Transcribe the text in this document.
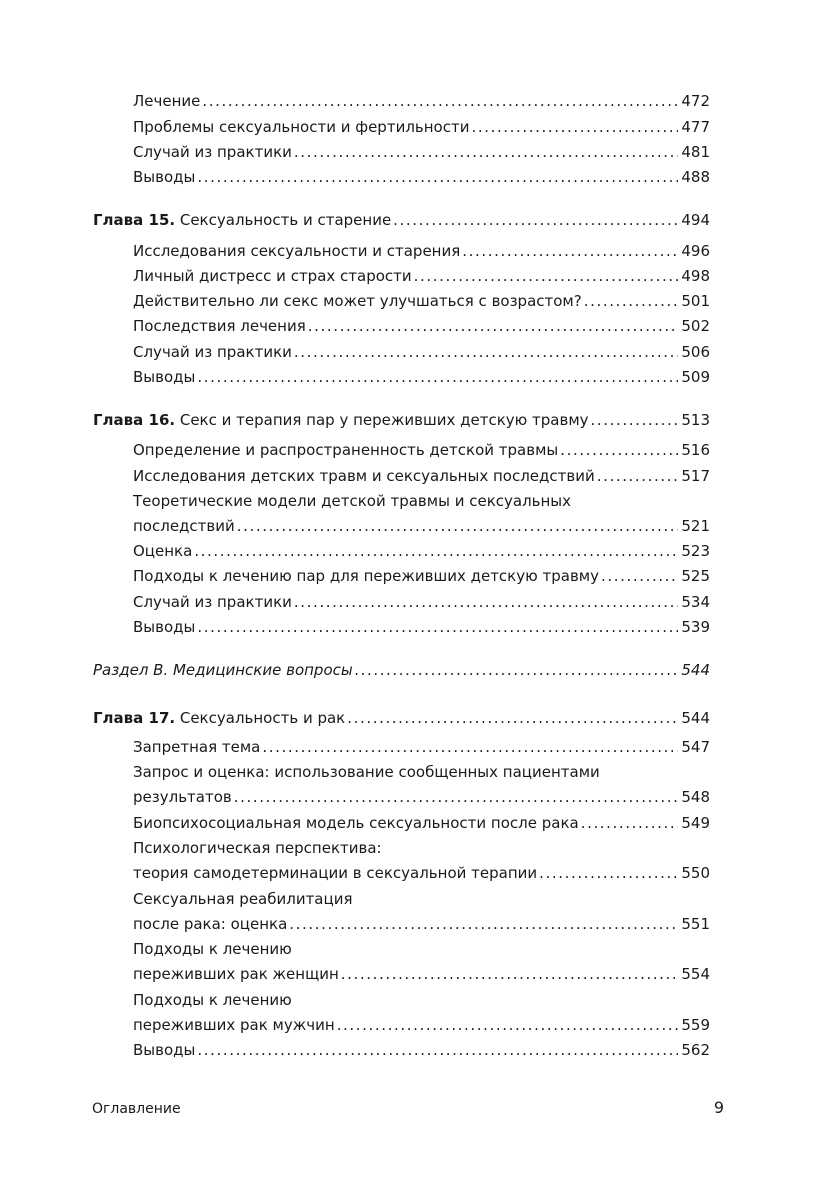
Лечение .....	472
Проблемы сексуальности и фертильности .....	477
Случай из практики .....	481
Выводы .....	488
Глава 15. Сексуальность и старение .....	494
Исследования сексуальности и старения .....	496
Личный дистресс и страх старости .....	498
Действительно ли секс может улучшаться с возрастом? .....	501
Последствия лечения .....	502
Случай из практики .....	506
Выводы .....	509
Глава 16. Секс и терапия пар у переживших детскую травму .....	513
Определение и распространенность детской травмы .....	516
Исследования детских травм и сексуальных последствий .....	517
Теоретические модели детской травмы и сексуальных
последствий .....	521
Оценка .....	523
Подходы к лечению пар для переживших детскую травму .....	525
Случай из практики .....	534
Выводы .....	539
Раздел В. Медицинские вопросы .....	544
Глава 17. Сексуальность и рак .....	544
Запретная тема .....	547
Запрос и оценка: использование сообщенных пациентами
результатов .....	548
Биопсихосоциальная модель сексуальности после рака .....	549
Психологическая перспектива:
теория самодетерминации в сексуальной терапии .....	550
Сексуальная реабилитация
после рака: оценка .....	551
Подходы к лечению
переживших рак женщин .....	554
Подходы к лечению
переживших рак мужчин .....	559
Выводы .....	562
Оглавление	9
